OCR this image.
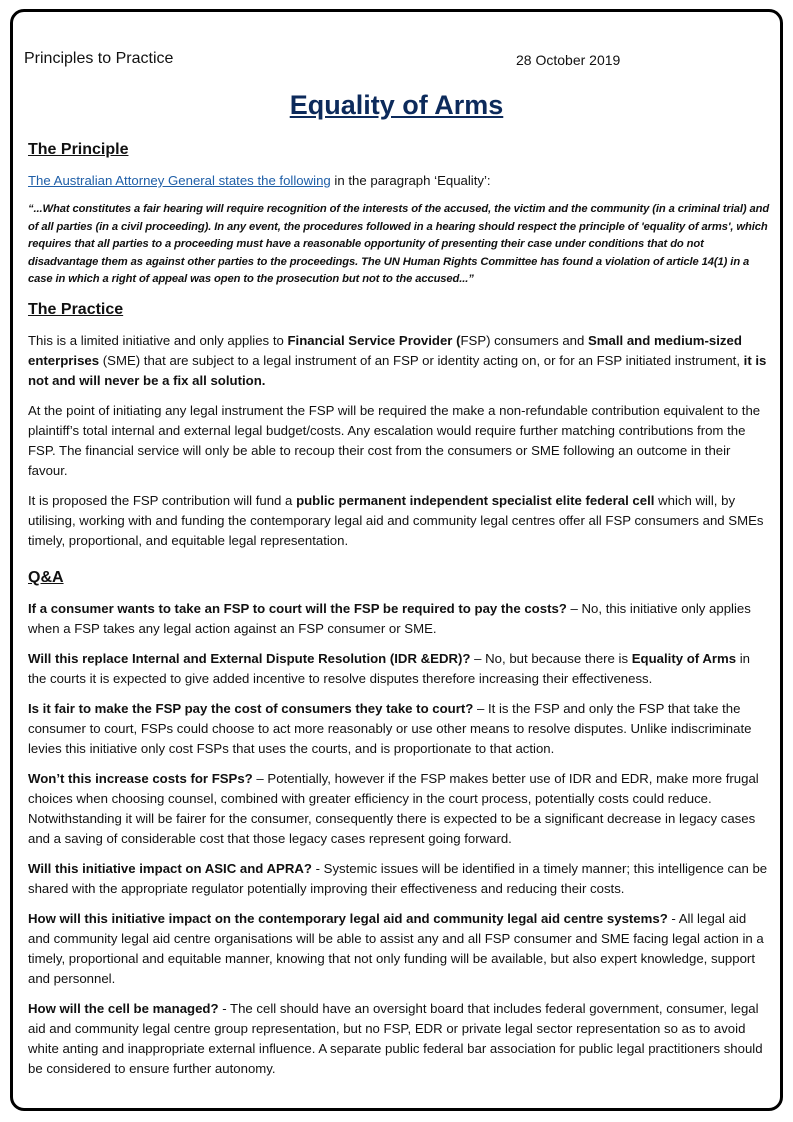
Principles to Practice	28 October 2019
Equality of Arms
The Principle

The Australian Attorney General states the following in the paragraph ‘Equality’:

“...What constitutes a fair hearing will require recognition of the interests of the accused, the victim and the community (in a criminal trial) and of all parties (in a civil proceeding). In any event, the procedures followed in a hearing should respect the principle of 'equality of arms', which requires that all parties to a proceeding must have a reasonable opportunity of presenting their case under conditions that do not disadvantage them as against other parties to the proceedings. The UN Human Rights Committee has found a violation of article 14(1) in a case in which a right of appeal was open to the prosecution but not to the accused...”

The Practice

This is a limited initiative and only applies to Financial Service Provider (FSP) consumers and Small and medium-sized enterprises (SME) that are subject to a legal instrument of an FSP or identity acting on, or for an FSP initiated instrument, it is not and will never be a fix all solution.

At the point of initiating any legal instrument the FSP will be required the make a non-refundable contribution equivalent to the plaintiff’s total internal and external legal budget/costs. Any escalation would require further matching contributions from the FSP. The financial service will only be able to recoup their cost from the consumers or SME following an outcome in their favour.

It is proposed the FSP contribution will fund a public permanent independent specialist elite federal cell which will, by utilising, working with and funding the contemporary legal aid and community legal centres offer all FSP consumers and SMEs timely, proportional, and equitable legal representation.

Q&A

If a consumer wants to take an FSP to court will the FSP be required to pay the costs? – No, this initiative only applies when a FSP takes any legal action against an FSP consumer or SME.

Will this replace Internal and External Dispute Resolution (IDR &EDR)? – No, but because there is Equality of Arms in the courts it is expected to give added incentive to resolve disputes therefore increasing their effectiveness.

Is it fair to make the FSP pay the cost of consumers they take to court? – It is the FSP and only the FSP that take the consumer to court, FSPs could choose to act more reasonably or use other means to resolve disputes. Unlike indiscriminate levies this initiative only cost FSPs that uses the courts, and is proportionate to that action.

Won’t this increase costs for FSPs? – Potentially, however if the FSP makes better use of IDR and EDR, make more frugal choices when choosing counsel, combined with greater efficiency in the court process, potentially costs could reduce. Notwithstanding it will be fairer for the consumer, consequently there is expected to be a significant decrease in legacy cases and a saving of considerable cost that those legacy cases represent going forward.

Will this initiative impact on ASIC and APRA? - Systemic issues will be identified in a timely manner; this intelligence can be shared with the appropriate regulator potentially improving their effectiveness and reducing their costs.

How will this initiative impact on the contemporary legal aid and community legal aid centre systems? - All legal aid and community legal aid centre organisations will be able to assist any and all FSP consumer and SME facing legal action in a timely, proportional and equitable manner, knowing that not only funding will be available, but also expert knowledge, support and personnel.

How will the cell be managed? - The cell should have an oversight board that includes federal government, consumer, legal aid and community legal centre group representation, but no FSP, EDR or private legal sector representation so as to avoid white anting and inappropriate external influence. A separate public federal bar association for public legal practitioners should be considered to ensure further autonomy.
